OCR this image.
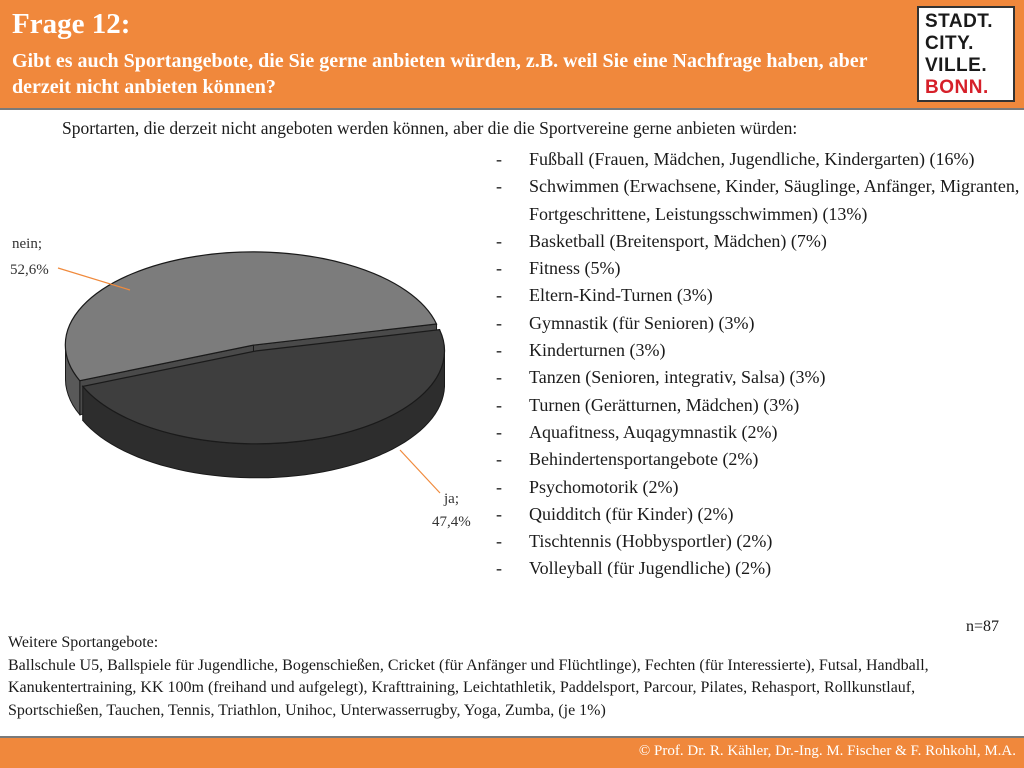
Frage 12:
Gibt es auch Sportangebote, die Sie gerne anbieten würden, z.B. weil Sie eine Nachfrage haben, aber derzeit nicht anbieten können?
STADT.
CITY.
VILLE.
BONN.
Sportarten, die derzeit nicht angeboten werden können, aber die die Sportvereine gerne anbieten würden:
- Fußball (Frauen, Mädchen, Jugendliche, Kindergarten) (16%)
- Schwimmen (Erwachsene, Kinder, Säuglinge, Anfänger, Migranten, Fortgeschrittene, Leistungsschwimmen) (13%)
- Basketball (Breitensport, Mädchen) (7%)
- Fitness (5%)
- Eltern-Kind-Turnen (3%)
- Gymnastik (für Senioren) (3%)
- Kinderturnen (3%)
- Tanzen (Senioren, integrativ, Salsa) (3%)
- Turnen (Gerätturnen, Mädchen) (3%)
- Aquafitness, Auqagymnastik (2%)
- Behindertensportangebote (2%)
- Psychomotorik (2%)
- Quidditch (für Kinder) (2%)
- Tischtennis (Hobbysportler) (2%)
- Volleyball (für Jugendliche) (2%)
nein;
52,6%
ja;
47,4%
n=87
Weitere Sportangebote:
Ballschule U5, Ballspiele für Jugendliche, Bogenschießen, Cricket (für Anfänger und Flüchtlinge), Fechten (für Interessierte), Futsal, Handball, Kanukentertraining, KK 100m (freihand und aufgelegt), Krafttraining, Leichtathletik, Paddelsport, Parcour, Pilates, Rehasport, Rollkunstlauf, Sportschießen, Tauchen, Tennis, Triathlon, Unihoc, Unterwasserrugby, Yoga, Zumba, (je 1%)
© Prof. Dr. R. Kähler, Dr.-Ing. M. Fischer & F. Rohkohl, M.A.
